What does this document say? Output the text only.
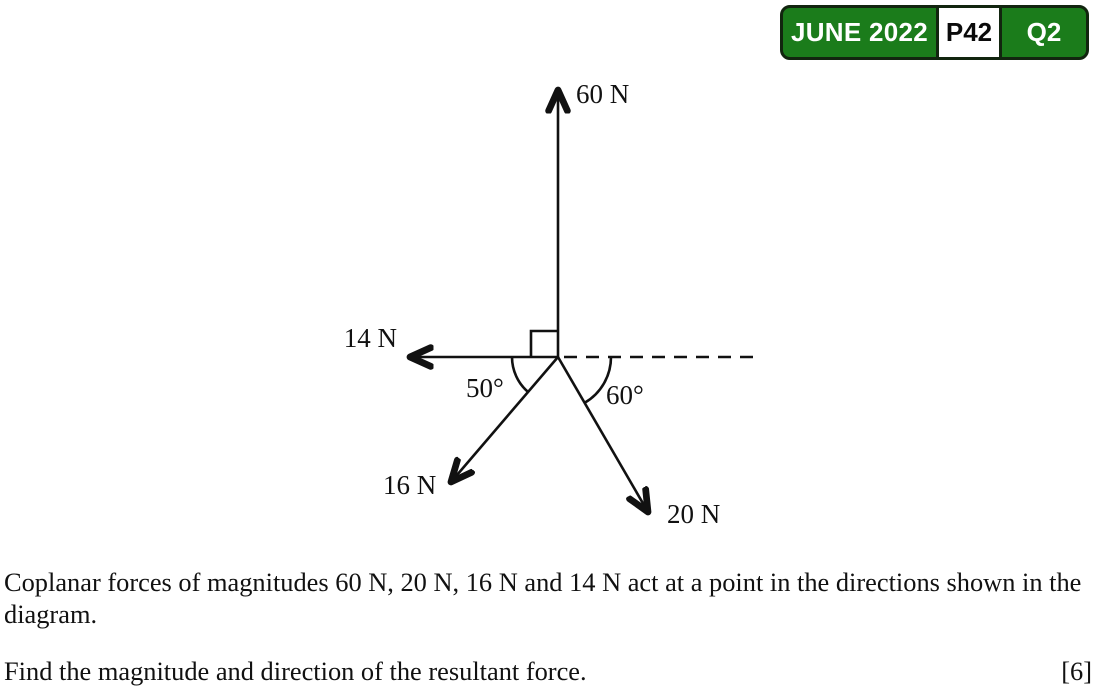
JUNE 2022 P42	Q2
60 N
14 N
16 N
20 N
50°	60°

Coplanar forces of magnitudes 60 N, 20 N, 16 N and 14 N act at a point in the directions shown in the diagram.

Find the magnitude and direction of the resultant force.	[6]
